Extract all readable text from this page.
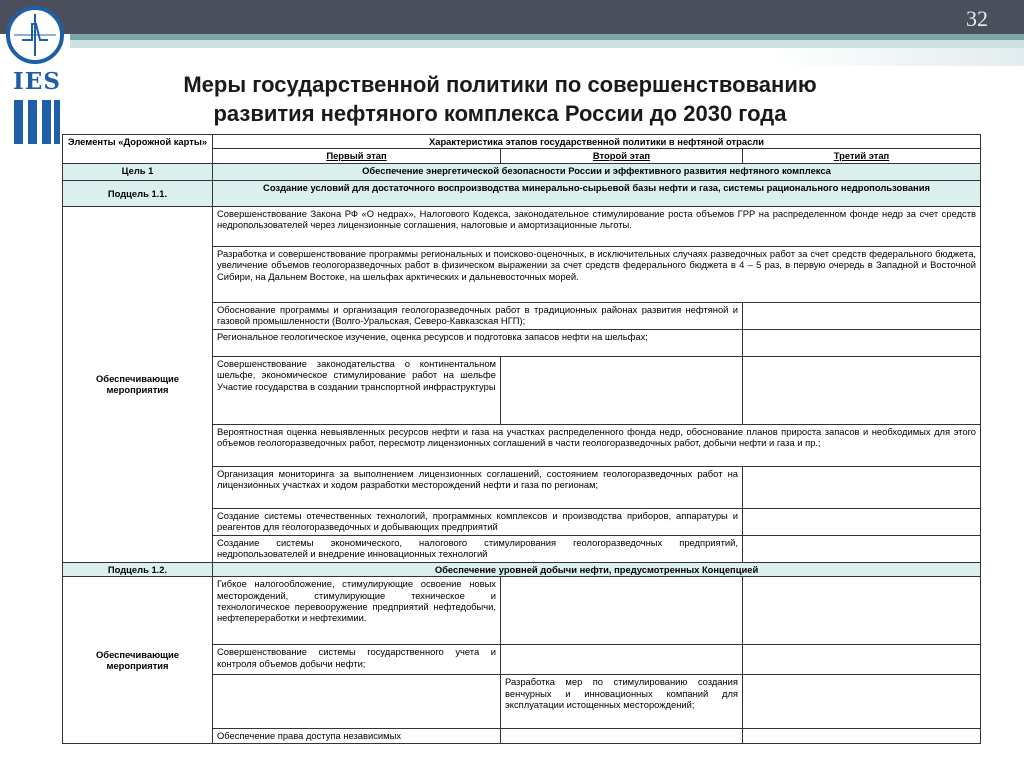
32
IES	Меры государственной политики по совершенствованию
развития нефтяного комплекса России до 2030 года
Элементы «Дорожной карты»	Характеристика этапов государственной политики в нефтяной отрасли		
	Первый этап	Второй этап	Третий этап
Цель 1	Обеспечение энергетической безопасности России и эффективного развития нефтяного комплекса		
Подцель 1.1.	Создание условий для достаточного воспроизводства минерально-сырьевой базы нефти и газа, системы рационального недропользования		
Обеспечивающие мероприятия	Совершенствование Закона РФ «О недрах», Налогового Кодекса, законодательное стимулирование роста объемов ГРР на распределенном фонде недр за счет средств недропользователей через лицензионные соглашения, налоговые и амортизационные льготы.		
	Разработка и совершенствование программы региональных и поисково-оценочных, в исключительных случаях разведочных работ за счет средств федерального бюджета, увеличение объемов геологоразведочных работ в физическом выражении за счет средств федерального бюджета в 4 – 5 раз, в первую очередь в Западной и Восточной Сибири, на Дальнем Востоке, на шельфах арктических и дальневосточных морей.		
	Обоснование программы и организация геологоразведочных работ в традиционных районах развития нефтяной и газовой промышленности (Волго-Уральская, Северо-Кавказская НГП);		
	Региональное геологическое изучение, оценка ресурсов и подготовка запасов нефти на шельфах;		
	Совершенствование законодательства о континентальном шельфе, экономическое стимулирование работ на шельфе Участие государства в создании транспортной инфраструктуры		
	Вероятностная оценка невыявленных ресурсов нефти и газа на участках распределенного фонда недр, обоснование планов прироста запасов и необходимых для этого объемов геологоразведочных работ, пересмотр лицензионных соглашений в части геологоразведочных работ, добычи нефти и газа и пр.;		
	Организация мониторинга за выполнением лицензионных соглашений, состоянием геологоразведочных работ на лицензионных участках и ходом разработки месторождений нефти и газа по регионам;		
	Создание системы отечественных технологий, программных комплексов и производства приборов, аппаратуры и реагентов для геологоразведочных и добывающих предприятий		
	Создание системы экономического, налогового стимулирования геологоразведочных предприятий, недропользователей и внедрение инновационных технологий		
Подцель 1.2.	Обеспечение уровней добычи нефти, предусмотренных Концепцией		
Обеспечивающие мероприятия	Гибкое налогообложение, стимулирующие освоение новых месторождений, стимулирующие техническое и технологическое перевооружение предприятий нефтедобычи, нефтепереработки и нефтехимии.		
	Совершенствование системы государственного учета и контроля объемов добычи нефти;		
		Разработка мер по стимулированию создания венчурных и инновационных компаний для эксплуатации истощенных месторождений;	
	Обеспечение права доступа независимых		
